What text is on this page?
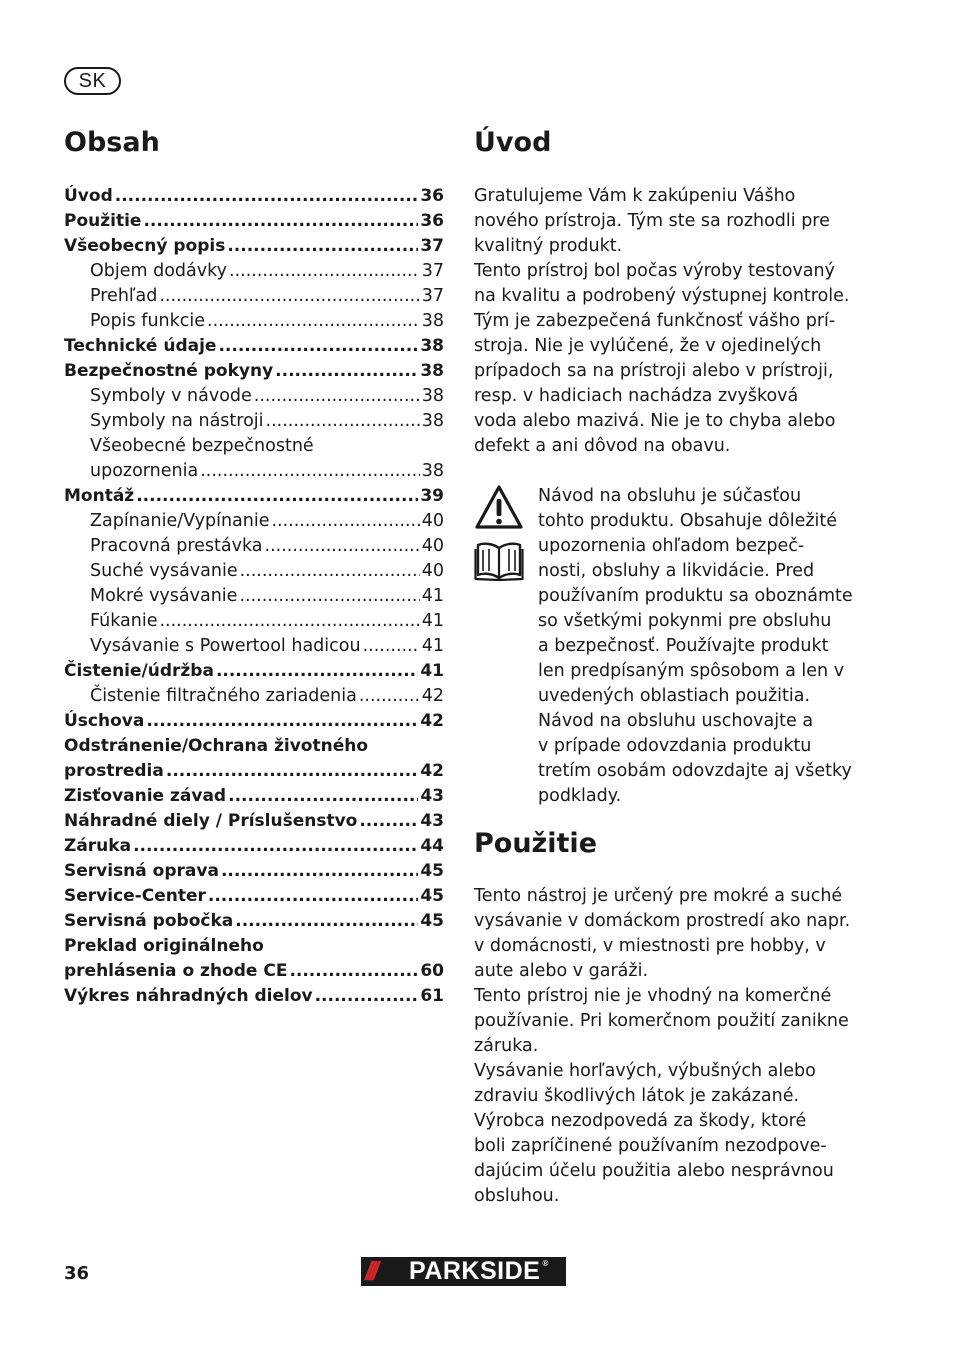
SK
Obsah
Úvod .....	36
Použitie .....	36
Všeobecný popis .....	37
Objem dodávky .....	37
Prehľad .....	37
Popis funkcie .....	38
Technické údaje .....	38
Bezpečnostné pokyny .....	38
Symboly v návode .....	38
Symboly na nástroji .....	38
Všeobecné bezpečnostné
upozornenia .....	38
Montáž .....	39
Zapínanie/Vypínanie .....	40
Pracovná prestávka .....	40
Suché vysávanie .....	40
Mokré vysávanie .....	41
Fúkanie .....	41
Vysávanie s Powertool hadicou .....	41
Čistenie/údržba .....	41
Čistenie filtračného zariadenia .....	42
Úschova .....	42
Odstránenie/Ochrana životného
prostredia .....	42
Zisťovanie závad .....	43
Náhradné diely / Príslušenstvo .....	43
Záruka .....	44
Servisná oprava .....	45
Service-Center .....	45
Servisná pobočka .....	45
Preklad originálneho
prehlásenia o zhode CE .....	60
Výkres náhradných dielov .....	61
Úvod

Gratulujeme Vám k zakúpeniu Vášho
nového prístroja. Tým ste sa rozhodli pre
kvalitný produkt.

Tento prístroj bol počas výroby testovaný
na kvalitu a podrobený výstupnej kontrole.
Tým je zabezpečená funkčnosť vášho prí-
stroja. Nie je vylúčené, že v ojedinelých
prípadoch sa na prístroji alebo v prístroji,
resp. v hadiciach nachádza zvyšková
voda alebo mazivá. Nie je to chyba alebo
defekt a ani dôvod na obavu.

Návod na obsluhu je súčasťou
tohto produktu. Obsahuje dôležité
upozornenia ohľadom bezpeč-
nosti, obsluhy a likvidácie. Pred
používaním produktu sa oboznámte
so všetkými pokynmi pre obsluhu
a bezpečnosť. Používajte produkt
len predpísaným spôsobom a len v
uvedených oblastiach použitia.
Návod na obsluhu uschovajte a
v prípade odovzdania produktu
tretím osobám odovzdajte aj všetky
podklady.

Použitie

Tento nástroj je určený pre mokré a suché
vysávanie v domáckom prostredí ako napr.
v domácnosti, v miestnosti pre hobby, v
aute alebo v garáži.

Tento prístroj nie je vhodný na komerčné
používanie. Pri komerčnom použití zanikne
záruka.

Vysávanie horľavých, výbušných alebo
zdraviu škodlivých látok je zakázané.
Výrobca nezodpovedá za škody, ktoré
boli zapríčinené používaním nezodpove-
dajúcim účelu použitia alebo nesprávnou
obsluhou.

36	///	PARKSIDE ®
